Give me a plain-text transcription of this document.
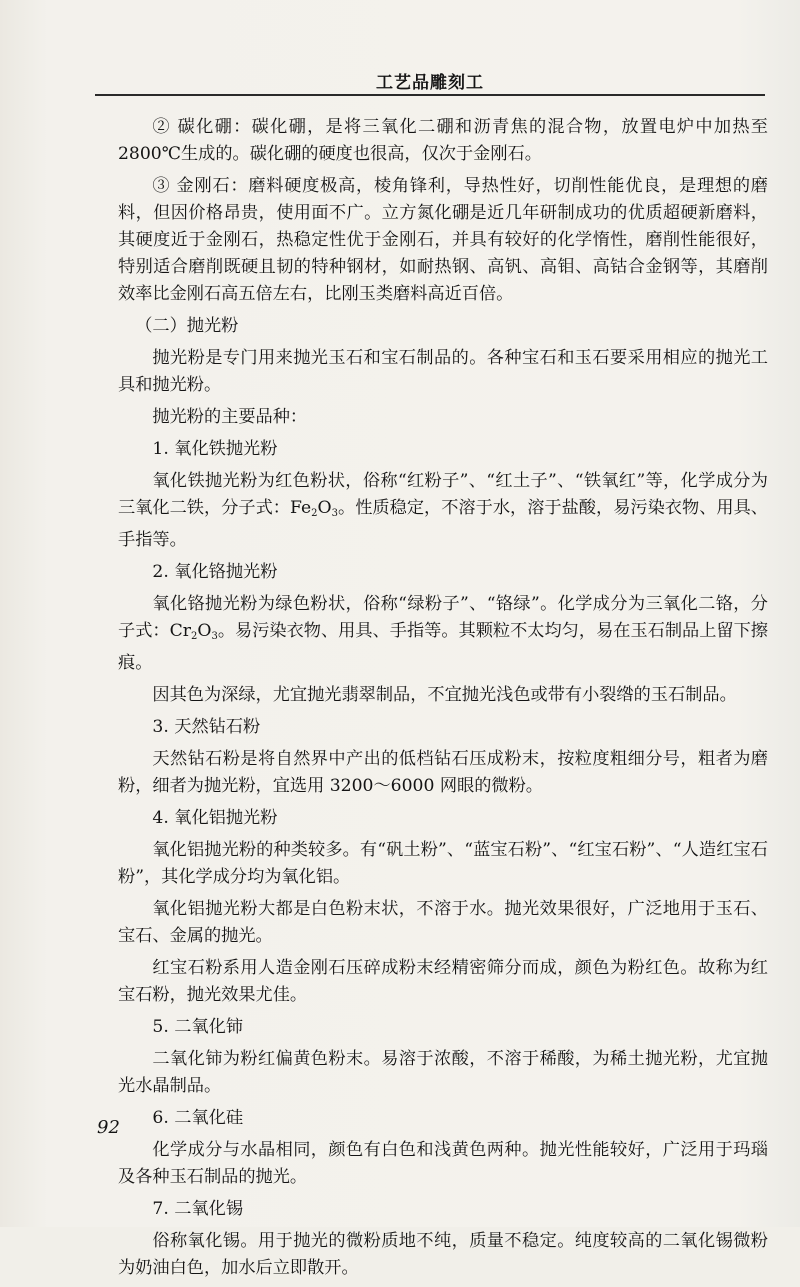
工艺品雕刻工

② 碳化硼：碳化硼，是将三氧化二硼和沥青焦的混合物，放置电炉中加热至 2800℃生成的。碳化硼的硬度也很高，仅次于金刚石。

③ 金刚石：磨料硬度极高，棱角锋利，导热性好，切削性能优良，是理想的磨料，但因价格昂贵，使用面不广。立方氮化硼是近几年研制成功的优质超硬新磨料，其硬度近于金刚石，热稳定性优于金刚石，并具有较好的化学惰性，磨削性能很好，特别适合磨削既硬且韧的特种钢材，如耐热钢、高钒、高钼、高钴合金钢等，其磨削效率比金刚石高五倍左右，比刚玉类磨料高近百倍。

（二）抛光粉

抛光粉是专门用来抛光玉石和宝石制品的。各种宝石和玉石要采用相应的抛光工具和抛光粉。

抛光粉的主要品种：

1. 氧化铁抛光粉

氧化铁抛光粉为红色粉状，俗称“红粉子”、“红土子”、“铁氧红”等，化学成分为三氧化二铁，分子式：$Fe_2O_3$。性质稳定，不溶于水，溶于盐酸，易污染衣物、用具、手指等。

2. 氧化铬抛光粉

氧化铬抛光粉为绿色粉状，俗称“绿粉子”、“铬绿”。化学成分为三氧化二铬，分子式：$Cr_2O_3$。易污染衣物、用具、手指等。其颗粒不太均匀，易在玉石制品上留下擦痕。

因其色为深绿，尤宜抛光翡翠制品，不宜抛光浅色或带有小裂绺的玉石制品。

3. 天然钻石粉

天然钻石粉是将自然界中产出的低档钻石压成粉末，按粒度粗细分号，粗者为磨粉，细者为抛光粉，宜选用 3200～6000 网眼的微粉。

4. 氧化铝抛光粉

氧化铝抛光粉的种类较多。有“矾土粉”、“蓝宝石粉”、“红宝石粉”、“人造红宝石粉”，其化学成分均为氧化铝。

氧化铝抛光粉大都是白色粉末状，不溶于水。抛光效果很好，广泛地用于玉石、宝石、金属的抛光。

红宝石粉系用人造金刚石压碎成粉末经精密筛分而成，颜色为粉红色。故称为红宝石粉，抛光效果尤佳。

5. 二氧化铈

二氧化铈为粉红偏黄色粉末。易溶于浓酸，不溶于稀酸，为稀土抛光粉，尤宜抛光水晶制品。

6. 二氧化硅

化学成分与水晶相同，颜色有白色和浅黄色两种。抛光性能较好，广泛用于玛瑙及各种玉石制品的抛光。

7. 二氧化锡

俗称氧化锡。用于抛光的微粉质地不纯，质量不稳定。纯度较高的二氧化锡微粉为奶油白色，加水后立即散开。

92
